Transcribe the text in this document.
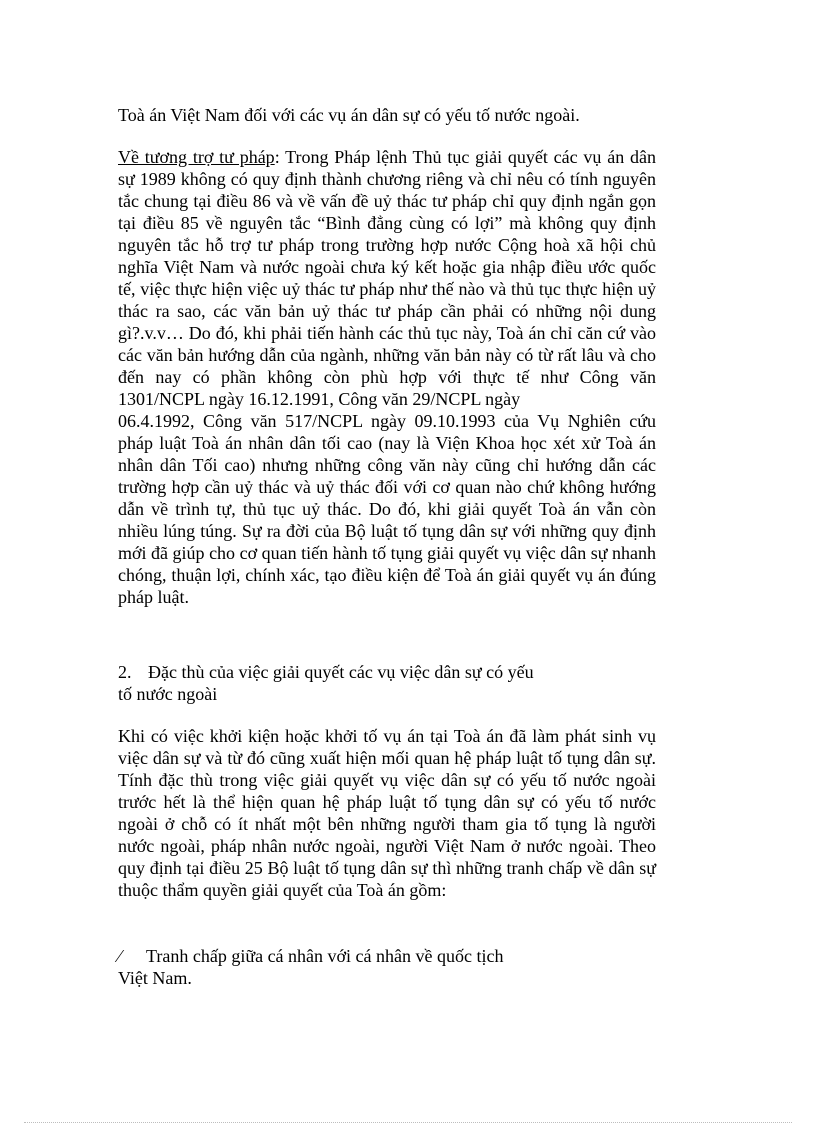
Toà án Việt Nam đối với các vụ án dân sự có yếu tố nước ngoài.
Về tương trợ tư pháp: Trong Pháp lệnh Thủ tục giải quyết các vụ án dân sự 1989 không có quy định thành chương riêng và chỉ nêu có tính nguyên tắc chung tại điều 86 và về vấn đề uỷ thác tư pháp chỉ quy định ngắn gọn tại điều 85 về nguyên tắc “Bình đẳng cùng có lợi” mà không quy định nguyên tắc hỗ trợ tư pháp trong trường hợp nước Cộng hoà xã hội chủ nghĩa Việt Nam và nước ngoài chưa ký kết hoặc gia nhập điều ước quốc tế, việc thực hiện việc uỷ thác tư pháp như thế nào và thủ tục thực hiện uỷ thác ra sao, các văn bản uỷ thác tư pháp cần phải có những nội dung gì?.v.v… Do đó, khi phải tiến hành các thủ tục này, Toà án chỉ căn cứ vào các văn bản hướng dẫn của ngành, những văn bản này có từ rất lâu và cho đến nay có phần không còn phù hợp với thực tế như Công văn 1301/NCPL ngày 16.12.1991, Công văn 29/NCPL ngày
06.4.1992, Công văn 517/NCPL ngày 09.10.1993 của Vụ Nghiên cứu pháp luật Toà án nhân dân tối cao (nay là Viện Khoa học xét xử Toà án nhân dân Tối cao) nhưng những công văn này cũng chỉ hướng dẫn các trường hợp cần uỷ thác và uỷ thác đối với cơ quan nào chứ không hướng dẫn về trình tự, thủ tục uỷ thác. Do đó, khi giải quyết Toà án vẫn còn nhiều lúng túng. Sự ra đời của Bộ luật tố tụng dân sự với những quy định mới đã giúp cho cơ quan tiến hành tố tụng giải quyết vụ việc dân sự nhanh chóng, thuận lợi, chính xác, tạo điều kiện để Toà án giải quyết vụ án đúng pháp luật.
2. Đặc thù của việc giải quyết các vụ việc dân sự có yếu
tố nước ngoài
Khi có việc khởi kiện hoặc khởi tố vụ án tại Toà án đã làm phát sinh vụ việc dân sự và từ đó cũng xuất hiện mối quan hệ pháp luật tố tụng dân sự. Tính đặc thù trong việc giải quyết vụ việc dân sự có yếu tố nước ngoài trước hết là thể hiện quan hệ pháp luật tố tụng dân sự có yếu tố nước ngoài ở chỗ có ít nhất một bên những người tham gia tố tụng là người nước ngoài, pháp nhân nước ngoài, người Việt Nam ở nước ngoài. Theo quy định tại điều 25 Bộ luật tố tụng dân sự thì những tranh chấp về dân sự thuộc thẩm quyền giải quyết của Toà án gồm:
⁄ Tranh chấp giữa cá nhân với cá nhân về quốc tịch
Việt Nam.
